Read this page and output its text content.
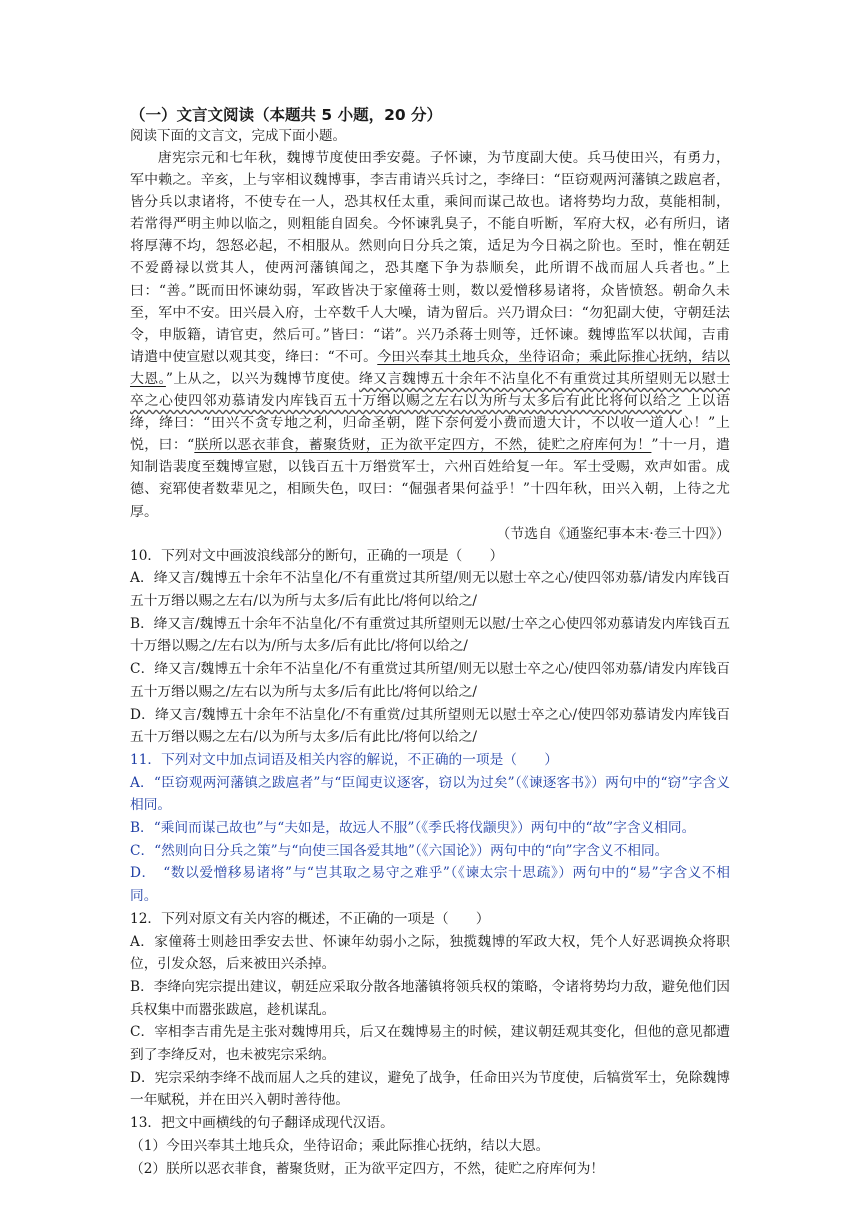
（一）文言文阅读（本题共 5 小题，20 分）

阅读下面的文言文，完成下面小题。

唐宪宗元和七年秋，魏博节度使田季安薨。子怀谏，为节度副大使。兵马使田兴，有勇力，军中赖之。辛亥，上与宰相议魏博事，李吉甫请兴兵讨之，李绛曰：“臣窃观两河藩镇之跋扈者，皆分兵以隶诸将，不使专在一人，恐其权任太重，乘间而谋己故也。诸将势均力敌，莫能相制，若常得严明主帅以临之，则粗能自固矣。今怀谏乳臭子，不能自听断，军府大权，必有所归，诸将厚薄不均，怨怒必起，不相服从。然则向日分兵之策，适足为今日祸之阶也。至时，惟在朝廷不爱爵禄以赏其人，使两河藩镇闻之，恐其麾下争为恭顺矣，此所谓不战而屈人兵者也。”上曰：“善。”既而田怀谏幼弱，军政皆决于家僮蒋士则，数以爱憎移易诸将，众皆愤怒。朝命久未至，军中不安。田兴晨入府，士卒数千人大噪，请为留后。兴乃谓众曰：“勿犯副大使，守朝廷法令，申版籍，请官吏，然后可。”皆曰：“诺”。兴乃杀蒋士则等，迁怀谏。魏博监军以状闻，吉甫请遣中使宣慰以观其变，绛曰：“不可。今田兴奉其土地兵众，坐待诏命；乘此际推心抚纳，结以大恩。”上从之，以兴为魏博节度使。绛又言魏博五十余年不沾皇化不有重赏过其所望则无以慰士卒之心使四邻劝慕请发内库钱百五十万缗以赐之左右以为所与太多后有此比将何以给之 上以语绛，绛曰：“田兴不贪专地之利，归命圣朝，陛下奈何爱小费而遗大计，不以收一道人心！”上悦，曰：“朕所以恶衣菲食，蓄聚货财，正为欲平定四方，不然，徒贮之府库何为！”十一月，遣知制诰裴度至魏博宣慰，以钱百五十万缗赏军士，六州百姓给复一年。军士受赐，欢声如雷。成德、兖郓使者数辈见之，相顾失色，叹曰：“倔强者果何益乎！”十四年秋，田兴入朝，上待之尤厚。

（节选自《通鉴纪事本末·卷三十四》）

10．下列对文中画波浪线部分的断句，正确的一项是（　　）

A．绛又言/魏博五十余年不沾皇化/不有重赏过其所望/则无以慰士卒之心/使四邻劝慕/请发内库钱百五十万缗以赐之左右/以为所与太多/后有此比/将何以给之/

B．绛又言/魏博五十余年不沾皇化/不有重赏过其所望则无以慰/士卒之心使四邻劝慕请发内库钱百五十万缗以赐之/左右以为/所与太多/后有此比/将何以给之/

C．绛又言/魏博五十余年不沾皇化/不有重赏过其所望/则无以慰士卒之心/使四邻劝慕/请发内库钱百五十万缗以赐之/左右以为所与太多/后有此比/将何以给之/

D．绛又言/魏博五十余年不沾皇化/不有重赏/过其所望则无以慰士卒之心/使四邻劝慕请发内库钱百五十万缗以赐之左右/以为所与太多/后有此比/将何以给之/

11．下列对文中加点词语及相关内容的解说，不正确的一项是（　　）

A．“臣窃观两河藩镇之跋扈者”与“臣闻吏议逐客，窃以为过矣”（《谏逐客书》）两句中的“窃”字含义相同。

B．“乘间而谋己故也”与“夫如是，故远人不服”（《季氏将伐颛臾》）两句中的“故”字含义相同。

C．“然则向日分兵之策”与“向使三国各爱其地”（《六国论》）两句中的“向”字含义不相同。

D．　“数以爱憎移易诸将”与“岂其取之易守之难乎”（《谏太宗十思疏》）两句中的“易”字含义不相同。

12．下列对原文有关内容的概述，不正确的一项是（　　）

A．家僮蒋士则趁田季安去世、怀谏年幼弱小之际，独揽魏博的军政大权，凭个人好恶调换众将职位，引发众怒，后来被田兴杀掉。

B．李绛向宪宗提出建议，朝廷应采取分散各地藩镇将领兵权的策略，令诸将势均力敌，避免他们因兵权集中而嚣张跋扈，趁机谋乱。

C．宰相李吉甫先是主张对魏博用兵，后又在魏博易主的时候，建议朝廷观其变化，但他的意见都遭到了李绛反对，也未被宪宗采纳。

D．宪宗采纳李绛不战而屈人之兵的建议，避免了战争，任命田兴为节度使，后犒赏军士，免除魏博一年赋税，并在田兴入朝时善待他。

13．把文中画横线的句子翻译成现代汉语。

（1）今田兴奉其土地兵众，坐待诏命；乘此际推心抚纳，结以大恩。

（2）朕所以恶衣菲食，蓄聚货财，正为欲平定四方，不然，徒贮之府库何为！
